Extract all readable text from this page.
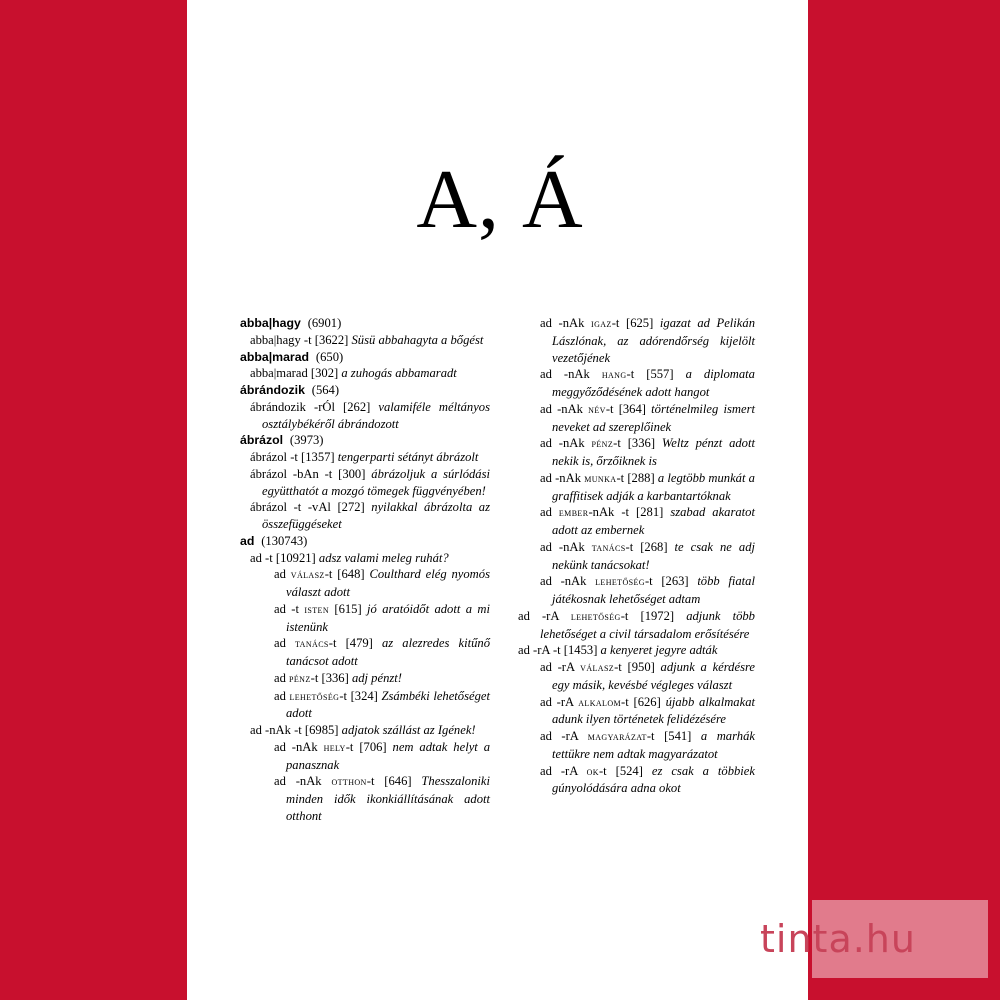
A, Á
abba|hagy (6901)
abba|hagy -t [3622] Süsü abbahagyta a bőgést
abba|marad (650)
abba|marad [302] a zuhogás abbamaradt
ábrándozik (564)
ábrándozik -rÓl [262] valamiféle méltányos osztálybékéről ábrándozott
ábrázol (3973)
ábrázol -t [1357] tengerparti sétányt ábrázolt
ábrázol -bAn -t [300] ábrázoljuk a súrlódási együtthatót a mozgó tömegek függvényében!
ábrázol -t -vAl [272] nyilakkal ábrázolta az összefüggéseket
ad (130743)
ad -t [10921] adsz valami meleg ruhát?
ad válasz-t [648] Coulthard elég nyomós választ adott
ad -t isten [615] jó aratóidőt adott a mi istenünk
ad tanács-t [479] az alezredes kitűnő tanácsot adott
ad pénz-t [336] adj pénzt!
ad lehetőség-t [324] Zsámbéki lehetőséget adott
ad -nAk -t [6985] adjatok szállást az Igének!
ad -nAk hely-t [706] nem adtak helyt a panasznak
ad -nAk otthon-t [646] Thesszaloniki minden idők ikonkiállításának adott otthont
ad -nAk igaz-t [625] igazat ad Pelikán Lászlónak, az adórendőrség kijelölt vezetőjének
ad -nAk hang-t [557] a diplomata meggyőződésének adott hangot
ad -nAk név-t [364] történelmileg ismert neveket ad szereplőinek
ad -nAk pénz-t [336] Weltz pénzt adott nekik is, őrzőiknek is
ad -nAk munka-t [288] a legtöbb munkát a graffitisek adják a karbantartóknak
ad ember-nAk -t [281] szabad akaratot adott az embernek
ad -nAk tanács-t [268] te csak ne adj nekünk tanácsokat!
ad -nAk lehetőség-t [263] több fiatal játékosnak lehetőséget adtam
ad -rA lehetőség-t [1972] adjunk több lehetőséget a civil társadalom erősítésére
ad -rA -t [1453] a kenyeret jegyre adták
ad -rA válasz-t [950] adjunk a kérdésre egy másik, kevésbé végleges választ
ad -rA alkalom-t [626] újabb alkalmakat adunk ilyen történetek felidézésére
ad -rA magyarázat-t [541] a marhák tettükre nem adtak magyarázatot
ad -rA ok-t [524] ez csak a többiek gúnyolódására adna okot
tinta.hu
